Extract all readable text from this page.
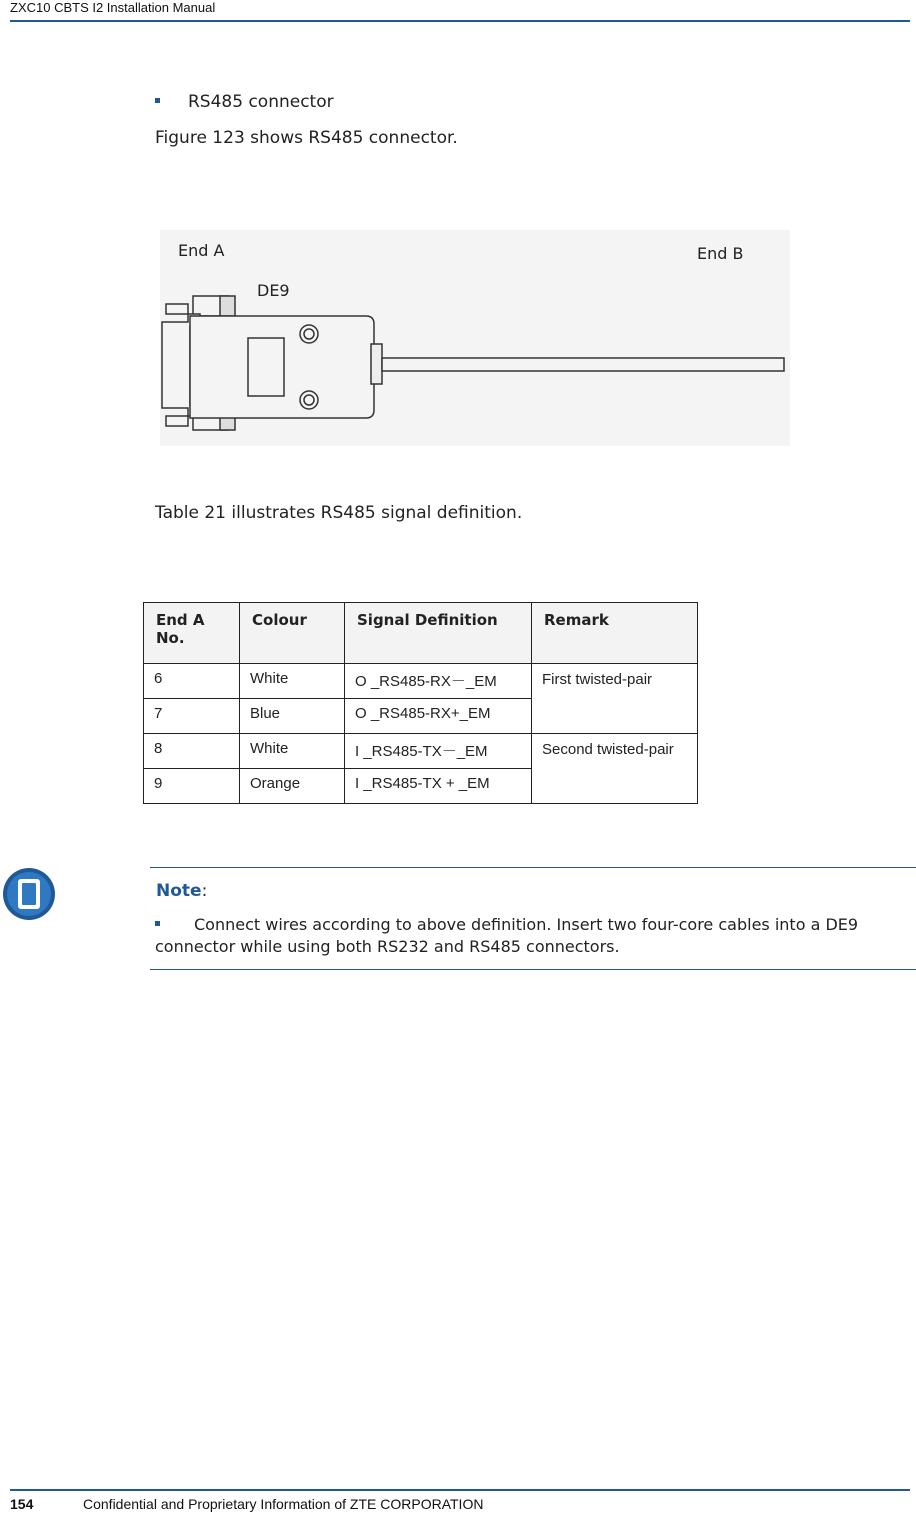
ZXC10 CBTS I2 Installation Manual
RS485 connector
Figure 123 shows RS485 connector.
End A	End B
DE9
Table 21 illustrates RS485 signal definition.
End A No.	Colour	Signal Definition	Remark
6	White	O _RS485-RX－_EM	First twisted-pair
7	Blue	O _RS485-RX+_EM	
8	White	I _RS485-TX－_EM	Second twisted-pair
9	Orange	I _RS485-TX + _EM	
Note:
Connect wires according to above definition. Insert two four-core cables into a DE9 connector while using both RS232 and RS485 connectors.
154	Confidential and Proprietary Information of ZTE CORPORATION
